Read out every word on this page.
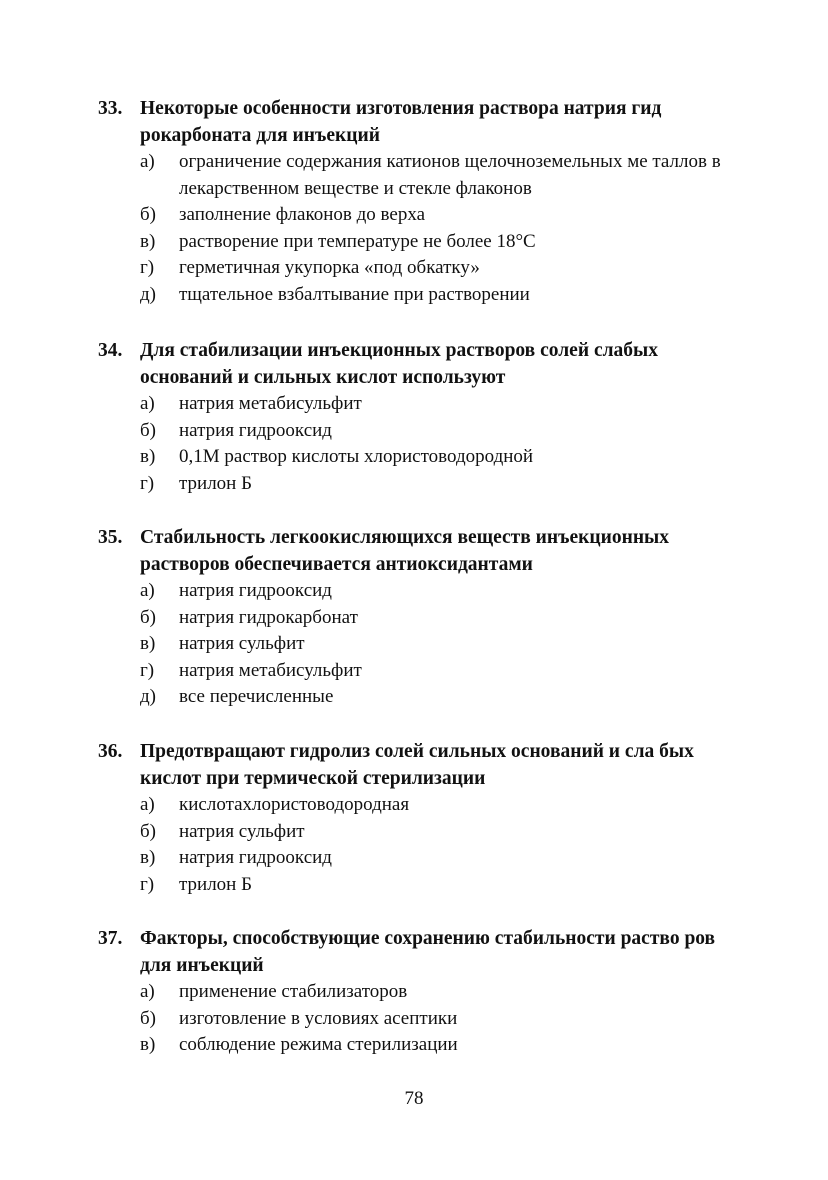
33. Некоторые особенности изготовления раствора натрия гид рокарбоната для инъекций
а) ограничение содержания катионов щелочноземельных ме таллов в лекарственном веществе и стекле флаконов
б) заполнение флаконов до верха
в) растворение при температуре не более 18°С
г) герметичная укупорка «под обкатку»
д) тщательное взбалтывание при растворении
34. Для стабилизации инъекционных растворов солей слабых оснований и сильных кислот используют
а) натрия метабисульфит
б) натрия гидрооксид
в) 0,1М раствор кислоты хлористоводородной
г) трилон Б
35. Стабильность легкоокисляющихся веществ инъекционных растворов обеспечивается антиоксидантами
а) натрия гидрооксид
б) натрия гидрокарбонат
в) натрия сульфит
г) натрия метабисульфит
д) все перечисленные
36. Предотвращают гидролиз солей сильных оснований и сла бых кислот при термической стерилизации
а) кислотахлористоводородная
б) натрия сульфит
в) натрия гидрооксид
г) трилон Б
37. Факторы, способствующие сохранению стабильности раство ров для инъекций
а) применение стабилизаторов
б) изготовление в условиях асептики
в) соблюдение режима стерилизации
78
